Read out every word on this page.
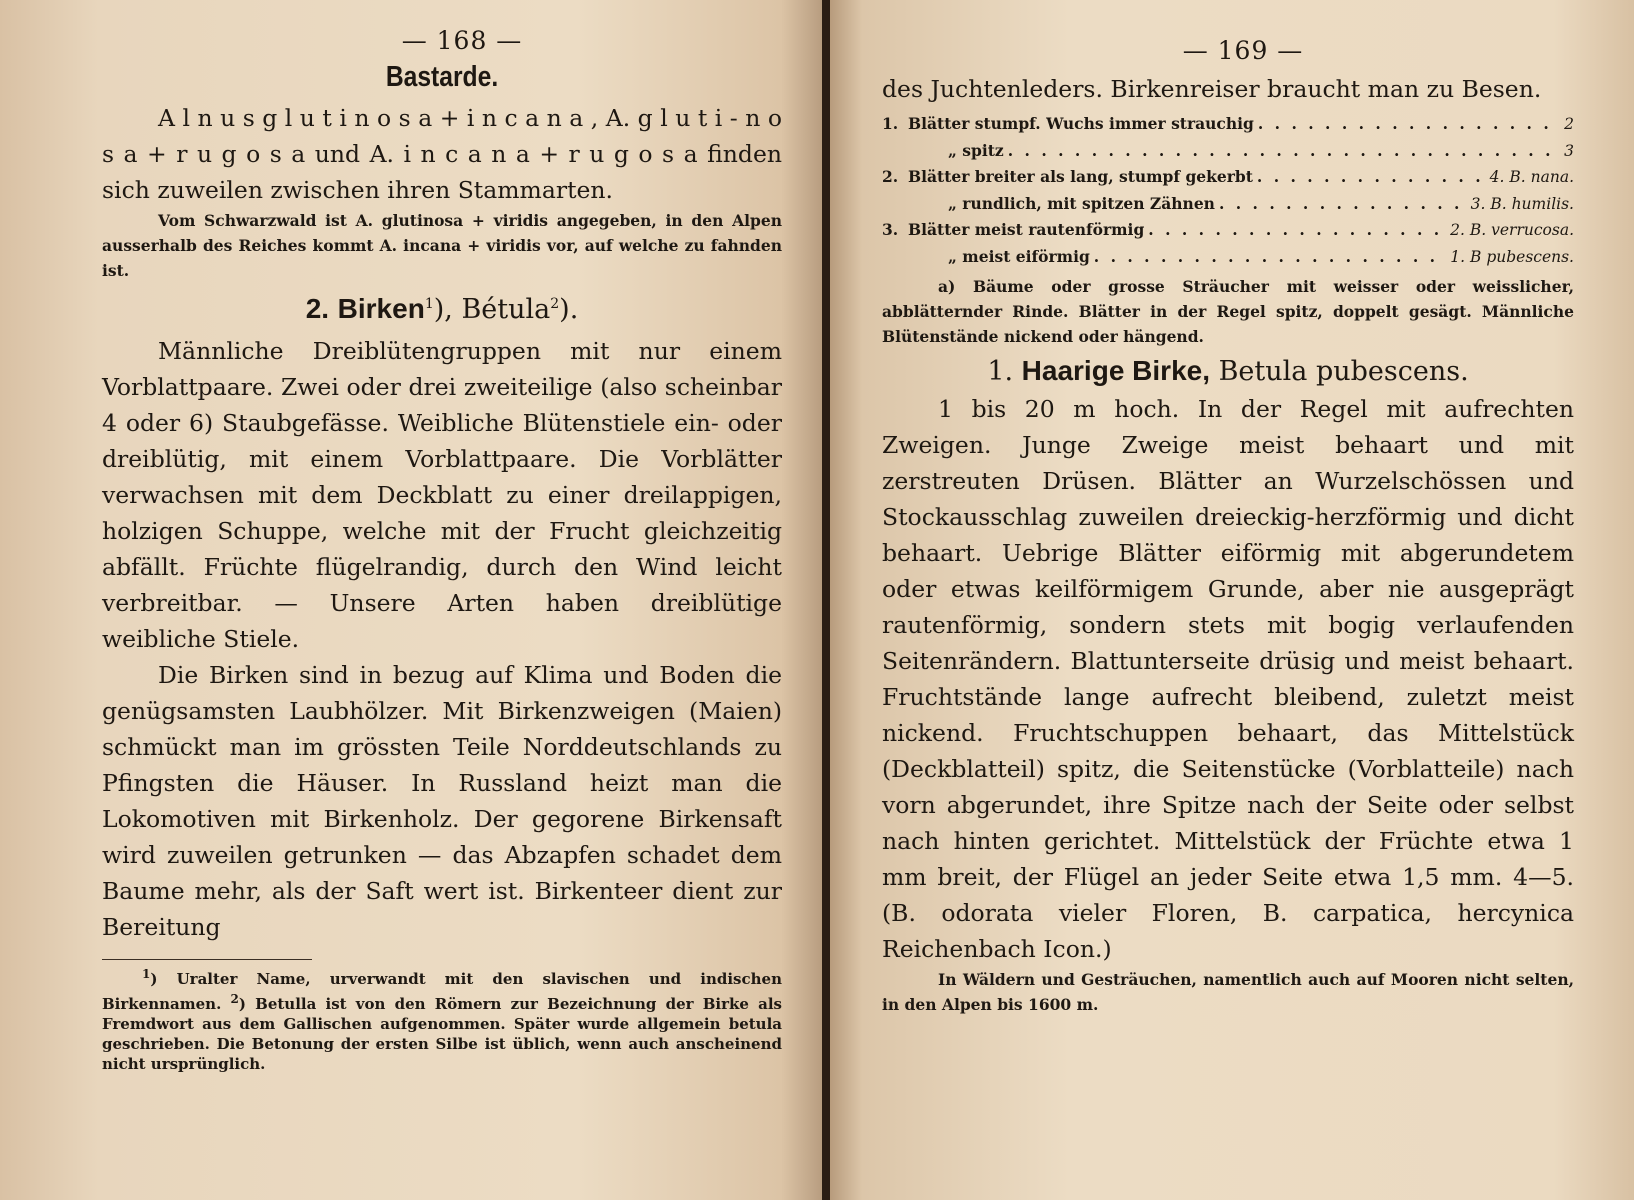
— 168 —
Bastarde.

A l n u s g l u t i n o s a + i n c a n a , A. g l u t i - n o s a + r u g o s a und A. i n c a n a + r u g o s a finden sich zuweilen zwischen ihren Stammarten.

Vom Schwarzwald ist A. glutinosa + viridis angegeben, in den Alpen ausserhalb des Reiches kommt A. incana + viridis vor, auf welche zu fahnden ist.

2. Birken$^1$), Bétula$^2$).

Männliche Dreiblütengruppen mit nur einem Vorblattpaare. Zwei oder drei zweiteilige (also scheinbar 4 oder 6) Staubgefässe. Weibliche Blütenstiele ein- oder dreiblütig, mit einem Vorblattpaare. Die Vorblätter verwachsen mit dem Deckblatt zu einer dreilappigen, holzigen Schuppe, welche mit der Frucht gleichzeitig abfällt. Früchte flügelrandig, durch den Wind leicht verbreitbar. — Unsere Arten haben dreiblütige weibliche Stiele.

Die Birken sind in bezug auf Klima und Boden die genügsamsten Laubhölzer. Mit Birkenzweigen (Maien) schmückt man im grössten Teile Norddeutschlands zu Pfingsten die Häuser. In Russland heizt man die Lokomotiven mit Birkenholz. Der gegorene Birkensaft wird zuweilen getrunken — das Abzapfen schadet dem Baume mehr, als der Saft wert ist. Birkenteer dient zur Bereitung

$^1$) Uralter Name, urverwandt mit den slavischen und indischen Birkennamen. $^2$) Betulla ist von den Römern zur Bezeichnung der Birke als Fremdwort aus dem Gallischen aufgenommen. Später wurde allgemein betula geschrieben. Die Betonung der ersten Silbe ist üblich, wenn auch anscheinend nicht ursprünglich.

— 169 —

des Juchtenleders. Birkenreiser braucht man zu Besen.

1. Blätter stumpf. Wuchs immer strauchig . . .	2
„ spitz . . .	3
2. Blätter breiter als lang, stumpf gekerbt . . .	4. B. nana.
„ rundlich, mit spitzen Zähnen . . .	3. B. humilis.
3. Blätter meist rautenförmig . . .	2. B. verrucosa.
„ meist eiförmig . . .	1. B pubescens.

a) Bäume oder grosse Sträucher mit weisser oder weisslicher, abblätternder Rinde. Blätter in der Regel spitz, doppelt gesägt. Männliche Blütenstände nickend oder hängend.

1. Haarige Birke, Betula pubescens.

1 bis 20 m hoch. In der Regel mit aufrechten Zweigen. Junge Zweige meist behaart und mit zerstreuten Drüsen. Blätter an Wurzelschössen und Stockausschlag zuweilen dreieckig-herzförmig und dicht behaart. Uebrige Blätter eiförmig mit abgerundetem oder etwas keilförmigem Grunde, aber nie ausgeprägt rautenförmig, sondern stets mit bogig verlaufenden Seitenrändern. Blattunterseite drüsig und meist behaart. Fruchtstände lange aufrecht bleibend, zuletzt meist nickend. Fruchtschuppen behaart, das Mittelstück (Deckblatteil) spitz, die Seitenstücke (Vorblatteile) nach vorn abgerundet, ihre Spitze nach der Seite oder selbst nach hinten gerichtet. Mittelstück der Früchte etwa 1 mm breit, der Flügel an jeder Seite etwa 1,5 mm. 4—5. (B. odorata vieler Floren, B. carpatica, hercynica Reichenbach Icon.)

In Wäldern und Gesträuchen, namentlich auch auf Mooren nicht selten, in den Alpen bis 1600 m.
